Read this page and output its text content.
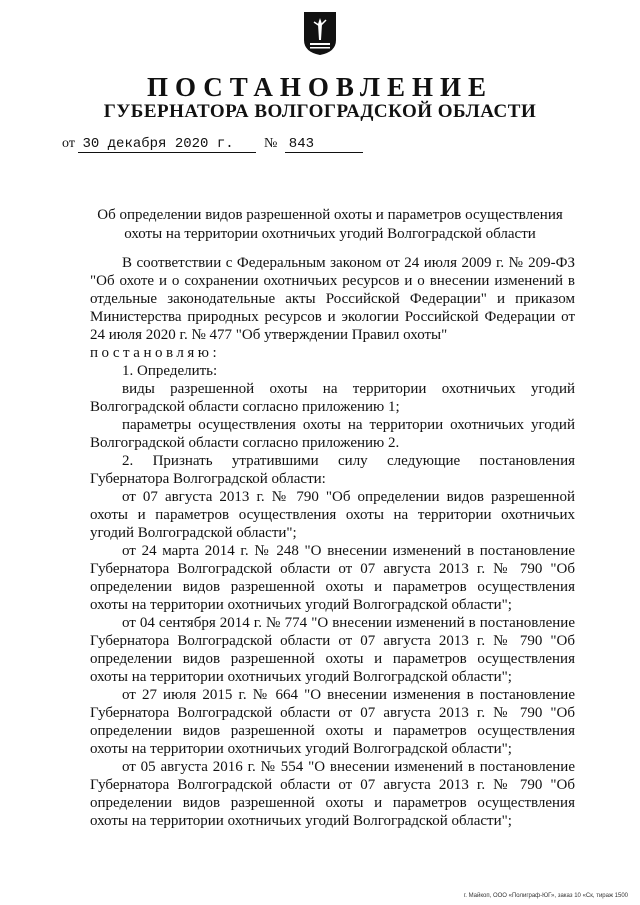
ПОСТАНОВЛЕНИЕ
ГУБЕРНАТОРА ВОЛГОГРАДСКОЙ ОБЛАСТИ
от 30 декабря 2020 г. № 843
Об определении видов разрешенной охоты и параметров осуществления охоты на территории охотничьих угодий Волгоградской области

В соответствии с Федеральным законом от 24 июля 2009 г. № 209-ФЗ "Об охоте и о сохранении охотничьих ресурсов и о внесении изменений в отдельные законодательные акты Российской Федерации" и приказом Министерства природных ресурсов и экологии Российской Федерации от 24 июля 2020 г. № 477 "Об утверждении Правил охоты"

постановляю:

1. Определить:

виды разрешенной охоты на территории охотничьих угодий Волгоградской области согласно приложению 1;

параметры осуществления охоты на территории охотничьих угодий Волгоградской области согласно приложению 2.

2. Признать утратившими силу следующие постановления Губернатора Волгоградской области:

от 07 августа 2013 г. № 790 "Об определении видов разрешенной охоты и параметров осуществления охоты на территории охотничьих угодий Волгоградской области";

от 24 марта 2014 г. № 248 "О внесении изменений в постановление Губернатора Волгоградской области от 07 августа 2013 г. № 790 "Об определении видов разрешенной охоты и параметров осуществления охоты на территории охотничьих угодий Волгоградской области";

от 04 сентября 2014 г. № 774 "О внесении изменений в постановление Губернатора Волгоградской области от 07 августа 2013 г. № 790 "Об определении видов разрешенной охоты и параметров осуществления охоты на территории охотничьих угодий Волгоградской области";

от 27 июля 2015 г. № 664 "О внесении изменения в постановление Губернатора Волгоградской области от 07 августа 2013 г. № 790 "Об определении видов разрешенной охоты и параметров осуществления охоты на территории охотничьих угодий Волгоградской области";

от 05 августа 2016 г. № 554 "О внесении изменений в постановление Губернатора Волгоградской области от 07 августа 2013 г. № 790 "Об определении видов разрешенной охоты и параметров осуществления охоты на территории охотничьих угодий Волгоградской области";

г. Майкоп, ООО «Полиграф-ЮГ», заказ 10 «Ск, тираж 1500
